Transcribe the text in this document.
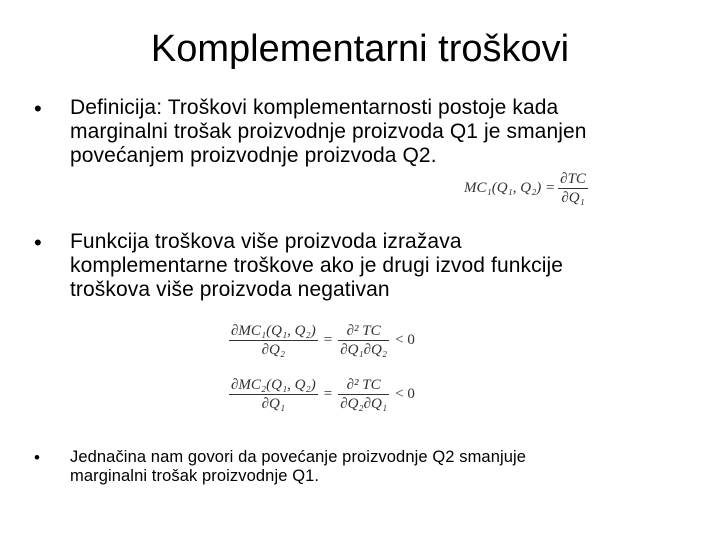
Komplementarni troškovi
•	Definicija: Troškovi komplementarnosti postoje kada
marginalni trošak proizvodnje proizvoda Q1 je smanjen
povećanjem proizvodnje proizvoda Q2.
MC₁(Q₁, $Q_2) = \frac{\partial TC}{\text{∂Q₁}}$
•	Funkcija troškova više proizvoda izražava
komplementarne troškove ako je drugi izvod funkcije
troškova više proizvoda negativan
$\frac{\text{∂MC₁(Q₁, Q₂)}}{\text{∂Q₂}} = \frac{\text{∂² TC}}{\text{∂Q₁∂Q₂}} < 0$
$\frac{\text{∂MC₂(Q₁, Q₂)}}{\text{∂Q₁}} = \frac{\text{∂² TC}}{\text{∂Q₂∂Q₁}} < 0$
•	Jednačina nam govori da povećanje proizvodnje Q2 smanjuje
marginalni trošak proizvodnje Q1.
